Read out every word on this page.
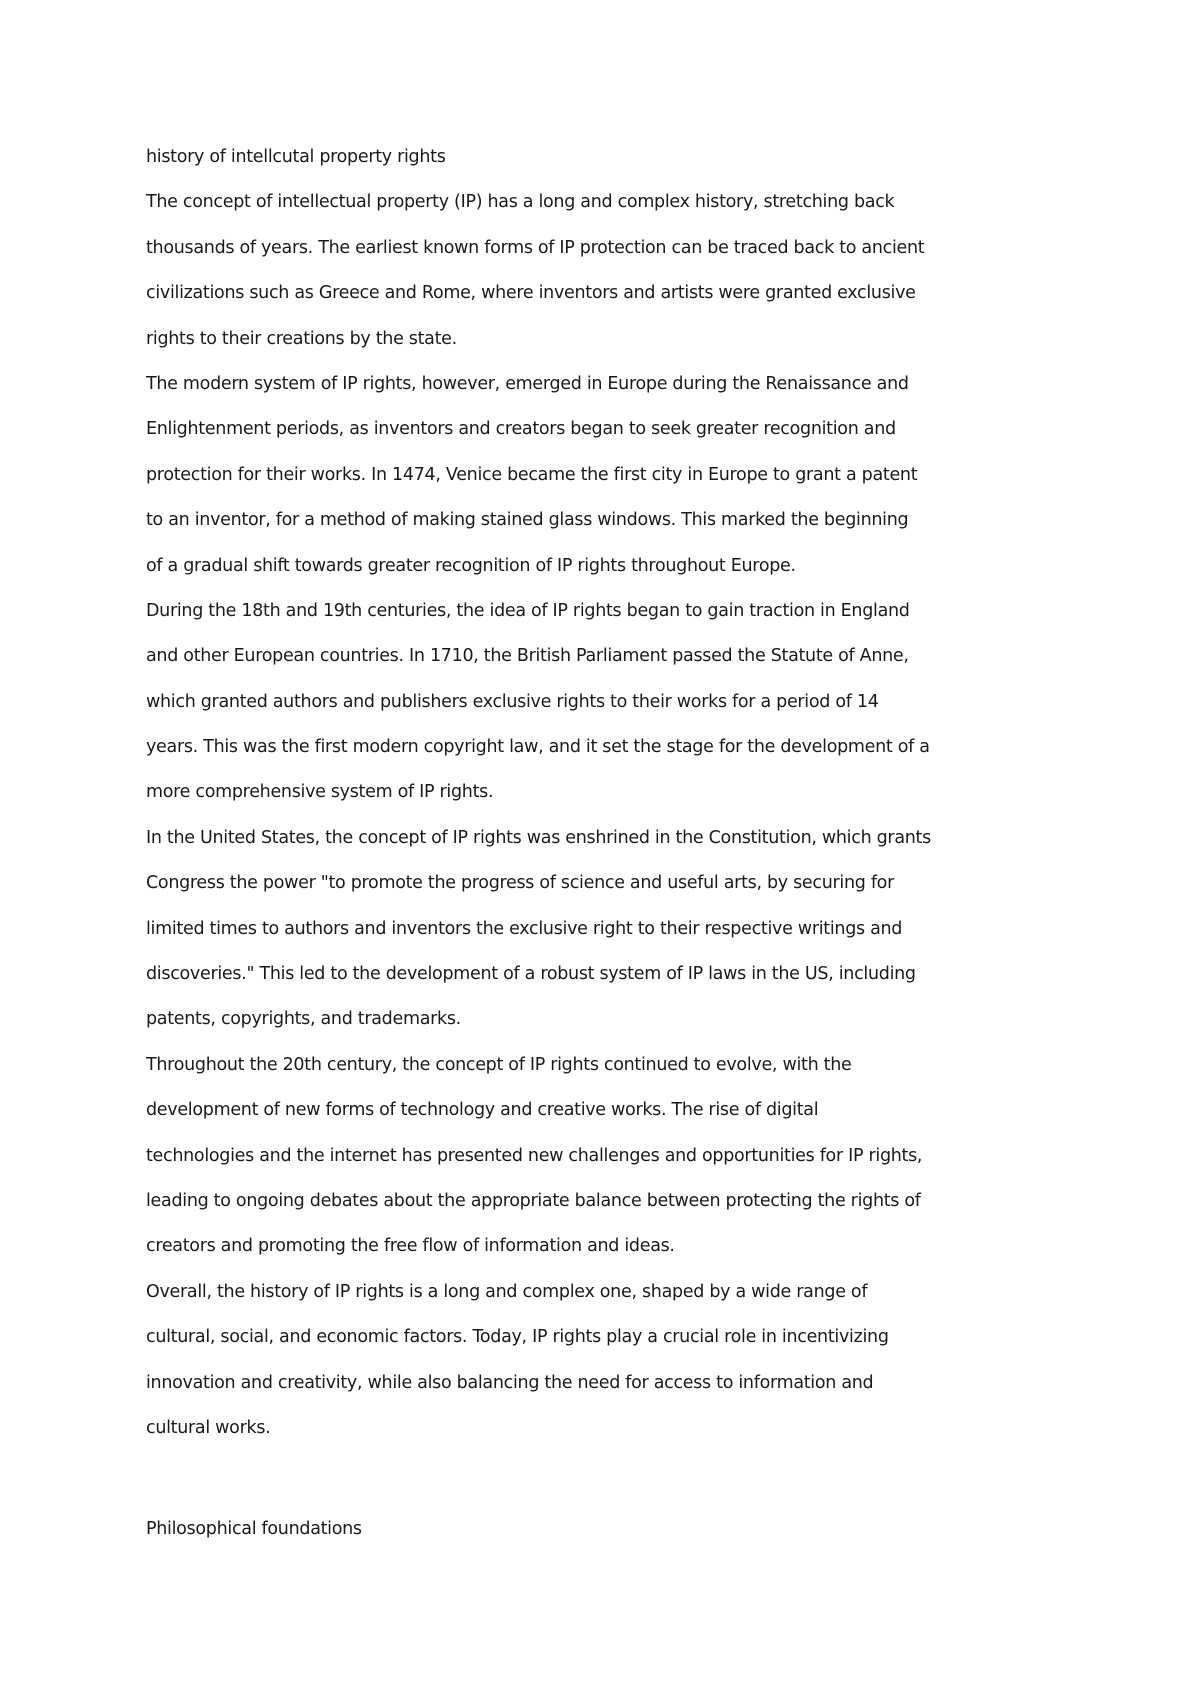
history of intellcutal property rights
The concept of intellectual property (IP) has a long and complex history, stretching back
thousands of years. The earliest known forms of IP protection can be traced back to ancient
civilizations such as Greece and Rome, where inventors and artists were granted exclusive
rights to their creations by the state.
The modern system of IP rights, however, emerged in Europe during the Renaissance and
Enlightenment periods, as inventors and creators began to seek greater recognition and
protection for their works. In 1474, Venice became the first city in Europe to grant a patent
to an inventor, for a method of making stained glass windows. This marked the beginning
of a gradual shift towards greater recognition of IP rights throughout Europe.
During the 18th and 19th centuries, the idea of IP rights began to gain traction in England
and other European countries. In 1710, the British Parliament passed the Statute of Anne,
which granted authors and publishers exclusive rights to their works for a period of 14
years. This was the first modern copyright law, and it set the stage for the development of a
more comprehensive system of IP rights.
In the United States, the concept of IP rights was enshrined in the Constitution, which grants
Congress the power "to promote the progress of science and useful arts, by securing for
limited times to authors and inventors the exclusive right to their respective writings and
discoveries." This led to the development of a robust system of IP laws in the US, including
patents, copyrights, and trademarks.
Throughout the 20th century, the concept of IP rights continued to evolve, with the
development of new forms of technology and creative works. The rise of digital
technologies and the internet has presented new challenges and opportunities for IP rights,
leading to ongoing debates about the appropriate balance between protecting the rights of
creators and promoting the free flow of information and ideas.
Overall, the history of IP rights is a long and complex one, shaped by a wide range of
cultural, social, and economic factors. Today, IP rights play a crucial role in incentivizing
innovation and creativity, while also balancing the need for access to information and
cultural works.
Philosophical foundations
